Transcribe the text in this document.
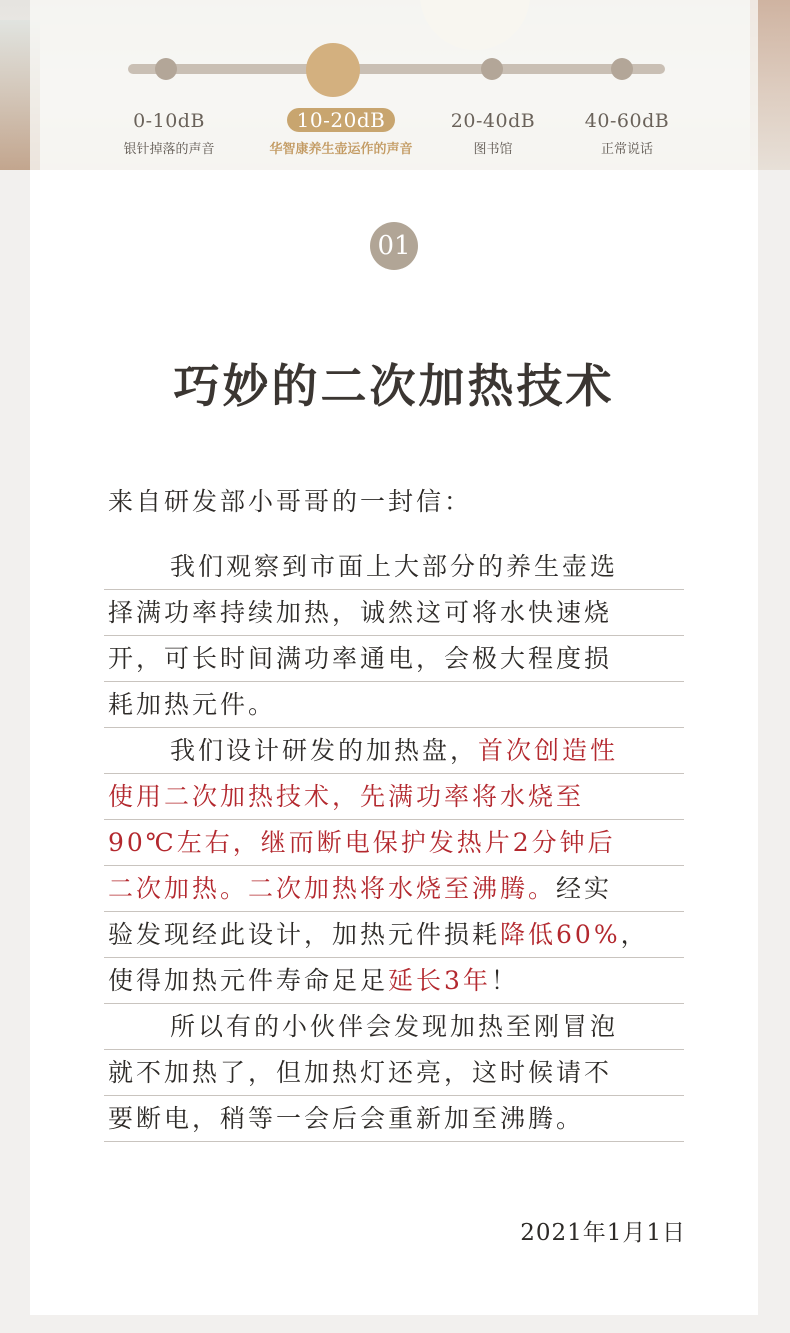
0-10dB
银针掉落的声音
10-20dB
华智康养生壶运作的声音
20-40dB
图书馆
40-60dB
正常说话
01
巧妙的二次加热技术
来自研发部小哥哥的一封信：
我们观察到市面上大部分的养生壶选
择满功率持续加热，诚然这可将水快速烧
开，可长时间满功率通电，会极大程度损
耗加热元件。
我们设计研发的加热盘，首次创造性
使用二次加热技术，先满功率将水烧至
90℃左右，继而断电保护发热片2分钟后
二次加热。二次加热将水烧至沸腾。经实
验发现经此设计，加热元件损耗降低60%，
使得加热元件寿命足足延长3年！
所以有的小伙伴会发现加热至刚冒泡
就不加热了，但加热灯还亮，这时候请不
要断电，稍等一会后会重新加至沸腾。
2021年1月1日
